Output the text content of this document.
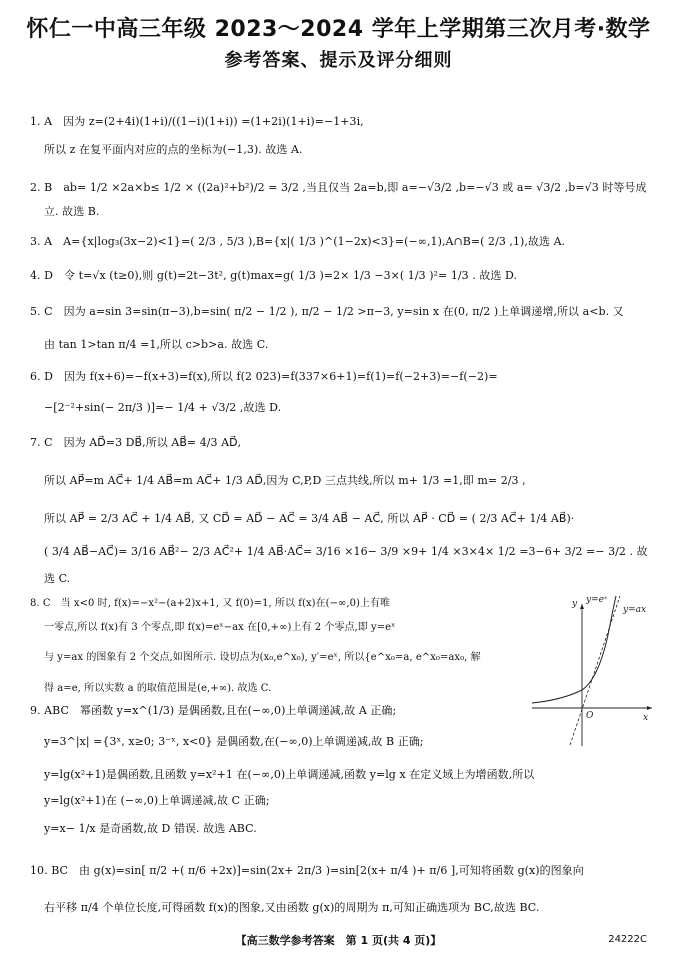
怀仁一中高三年级 2023～2024 学年上学期第三次月考·数学
参考答案、提示及评分细则
1. A　因为 z=(2+4i)(1+i)/((1−i)(1+i)) =(1+2i)(1+i)=−1+3i,
所以 z 在复平面内对应的点的坐标为(−1,3). 故选 A.
2. B　ab= 1/2 ×2a×b≤ 1/2 × ((2a)²+b²)/2 = 3/2 ,当且仅当 2a=b,即 a=−√3/2 ,b=−√3 或 a= √3/2 ,b=√3 时等号成
立. 故选 B.
3. A　A={x|log₃(3x−2)<1}=( 2/3 , 5/3 ),B={x|( 1/3 )^(1−2x)<3}=(−∞,1),A∩B=( 2/3 ,1),故选 A.
4. D　令 t=√x (t≥0),则 g(t)=2t−3t², g(t)max=g( 1/3 )=2× 1/3 −3×( 1/3 )²= 1/3 . 故选 D.
5. C　因为 a=sin 3=sin(π−3),b=sin( π/2 − 1/2 ), π/2 − 1/2 >π−3, y=sin x 在(0, π/2 )上单调递增,所以 a<b. 又
由 tan 1>tan π/4 =1,所以 c>b>a. 故选 C.
6. D　因为 f(x+6)=−f(x+3)=f(x),所以 f(2 023)=f(337×6+1)=f(1)=f(−2+3)=−f(−2)=
−[2⁻²+sin(− 2π/3 )]=− 1/4 + √3/2 ,故选 D.
7. C　因为 AD⃗=3 DB⃗,所以 AB⃗= 4/3 AD⃗,
所以 AP⃗=m AC⃗+ 1/4 AB⃗=m AC⃗+ 1/3 AD⃗,因为 C,P,D 三点共线,所以 m+ 1/3 =1,即 m= 2/3 ,
所以 AP⃗ = 2/3 AC⃗ + 1/4 AB⃗, 又 CD⃗ = AD⃗ − AC⃗ = 3/4 AB⃗ − AC⃗, 所以 AP⃗ · CD⃗ = ( 2/3 AC⃗+ 1/4 AB⃗)·
( 3/4 AB⃗−AC⃗)= 3/16 AB⃗²− 2/3 AC⃗²+ 1/4 AB⃗·AC⃗= 3/16 ×16− 3/9 ×9+ 1/4 ×3×4× 1/2 =3−6+ 3/2 =− 3/2 . 故
选 C.
8. C　当 x<0 时, f(x)=−x²−(a+2)x+1, 又 f(0)=1, 所以 f(x)在(−∞,0)上有唯
一零点,所以 f(x)有 3 个零点,即 f(x)=eˣ−ax 在[0,+∞)上有 2 个零点,即 y=eˣ
与 y=ax 的图象有 2 个交点,如图所示. 设切点为(x₀,e^x₀), y′=eˣ, 所以{e^x₀=a, e^x₀=ax₀, 解
得 a=e, 所以实数 a 的取值范围是(e,+∞). 故选 C.
y
x
O
y=eˣ
y=ax
9. ABC　幂函数 y=x^(1/3) 是偶函数,且在(−∞,0)上单调递减,故 A 正确;
y=3^|x| ={3ˣ, x≥0; 3⁻ˣ, x<0} 是偶函数,在(−∞,0)上单调递减,故 B 正确;
y=lg(x²+1)是偶函数,且函数 y=x²+1 在(−∞,0)上单调递减,函数 y=lg x 在定义域上为增函数,所以
y=lg(x²+1)在 (−∞,0)上单调递减,故 C 正确;
y=x− 1/x 是奇函数,故 D 错误. 故选 ABC.
10. BC　由 g(x)=sin[ π/2 +( π/6 +2x)]=sin(2x+ 2π/3 )=sin[2(x+ π/4 )+ π/6 ],可知将函数 g(x)的图象向
右平移 π/4 个单位长度,可得函数 f(x)的图象,又由函数 g(x)的周期为 π,可知正确选项为 BC,故选 BC.
【高三数学参考答案　第 1 页(共 4 页)】	24222C
